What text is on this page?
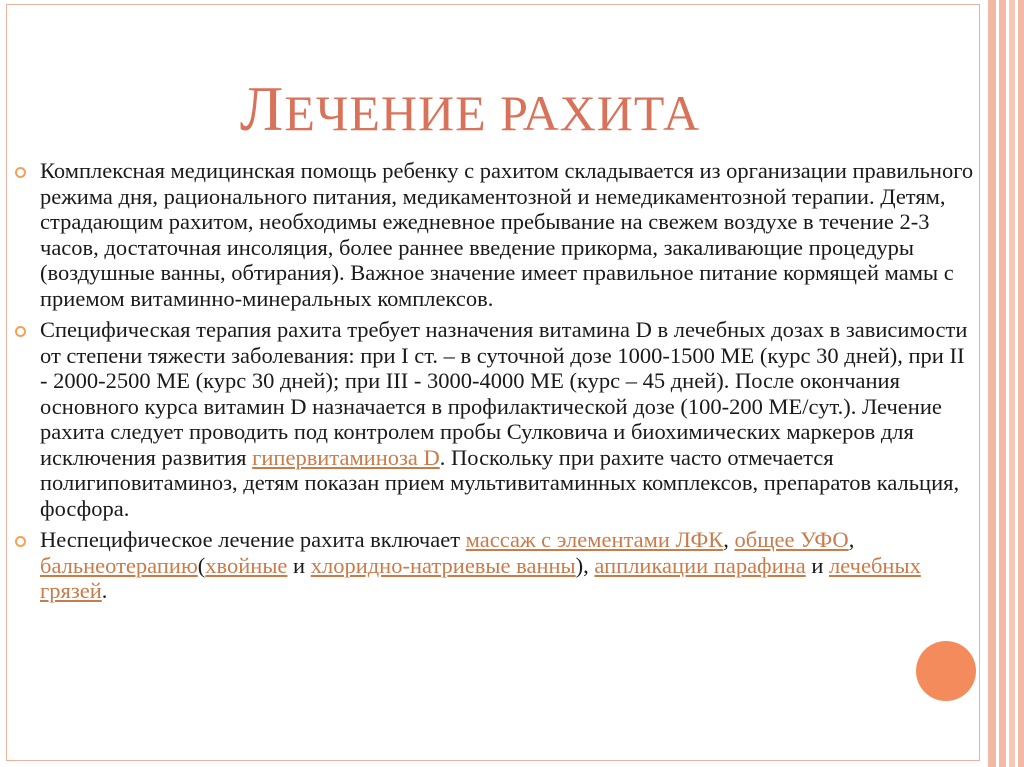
ЛЕЧЕНИЕ РАХИТА

Комплексная медицинская помощь ребенку с рахитом складывается из организации правильного режима дня, рационального питания, медикаментозной и немедикаментозной терапии. Детям, страдающим рахитом, необходимы ежедневное пребывание на свежем воздухе в течение 2-3 часов, достаточная инсоляция, более раннее введение прикорма, закаливающие процедуры (воздушные ванны, обтирания). Важное значение имеет правильное питание кормящей мамы с приемом витаминно-минеральных комплексов.

Специфическая терапия рахита требует назначения витамина D в лечебных дозах в зависимости от степени тяжести заболевания: при I ст. – в суточной дозе 1000-1500 МЕ (курс 30 дней), при II - 2000-2500 МЕ (курс 30 дней); при III - 3000-4000 МЕ (курс – 45 дней). После окончания основного курса витамин D назначается в профилактической дозе (100-200 МЕ/сут.). Лечение рахита следует проводить под контролем пробы Сулковича и биохимических маркеров для исключения развития гипервитаминоза D. Поскольку при рахите часто отмечается полигиповитаминоз, детям показан прием мультивитаминных комплексов, препаратов кальция, фосфора.

Неспецифическое лечение рахита включает массаж с элементами ЛФК, общее УФО, бальнеотерапию(хвойные и хлоридно-натриевые ванны), аппликации парафина и лечебных грязей.
